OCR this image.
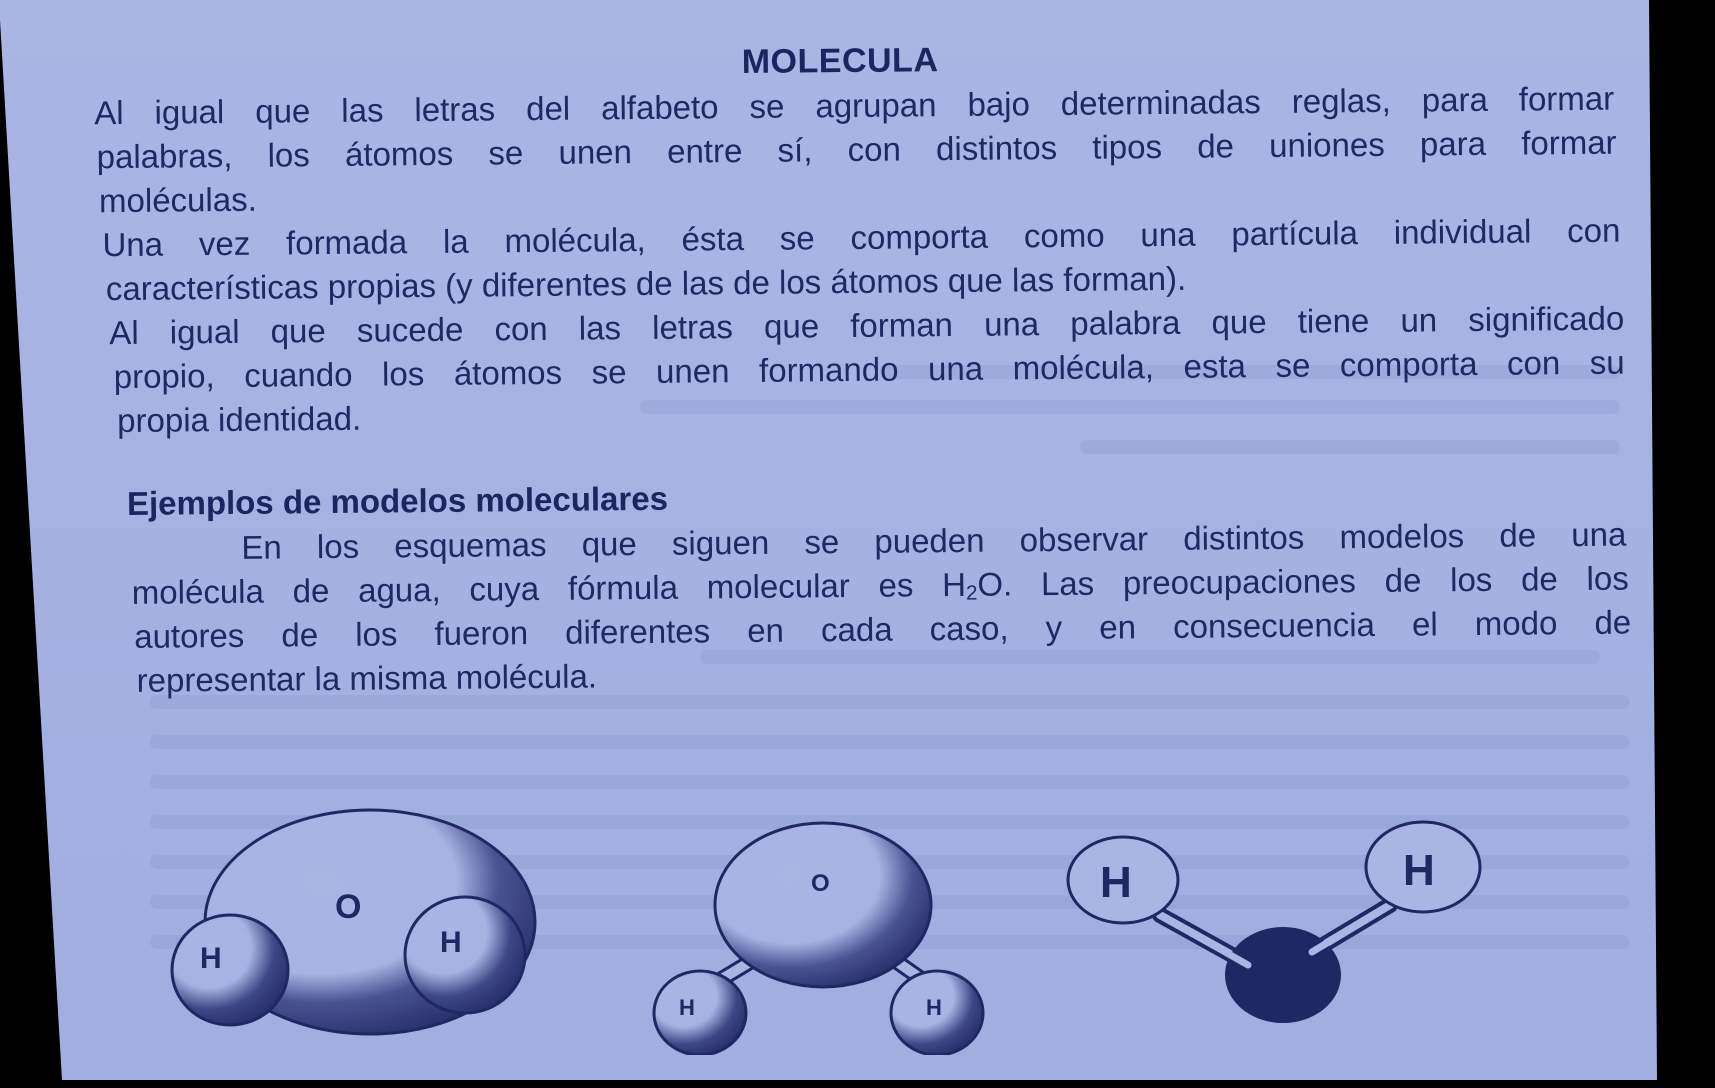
MOLECULA
Al igual que las letras del alfabeto se agrupan bajo determinadas reglas, para formar
palabras, los átomos se unen entre sí, con distintos tipos de uniones para formar
moléculas.
Una vez formada la molécula, ésta se comporta como una partícula individual con
características propias (y diferentes de las de los átomos que las forman).
Al igual que sucede con las letras que forman una palabra que tiene un significado
propio, cuando los átomos se unen formando una molécula, esta se comporta con su
propia identidad.
Ejemplos de modelos moleculares
En los esquemas que siguen se pueden observar distintos modelos de una
molécula de agua, cuya fórmula molecular es $H_2O$. Las preocupaciones de los de los
autores de los fueron diferentes en cada caso, y en consecuencia el modo de
representar la misma molécula.
O
H	H
O
H	H
H	H
